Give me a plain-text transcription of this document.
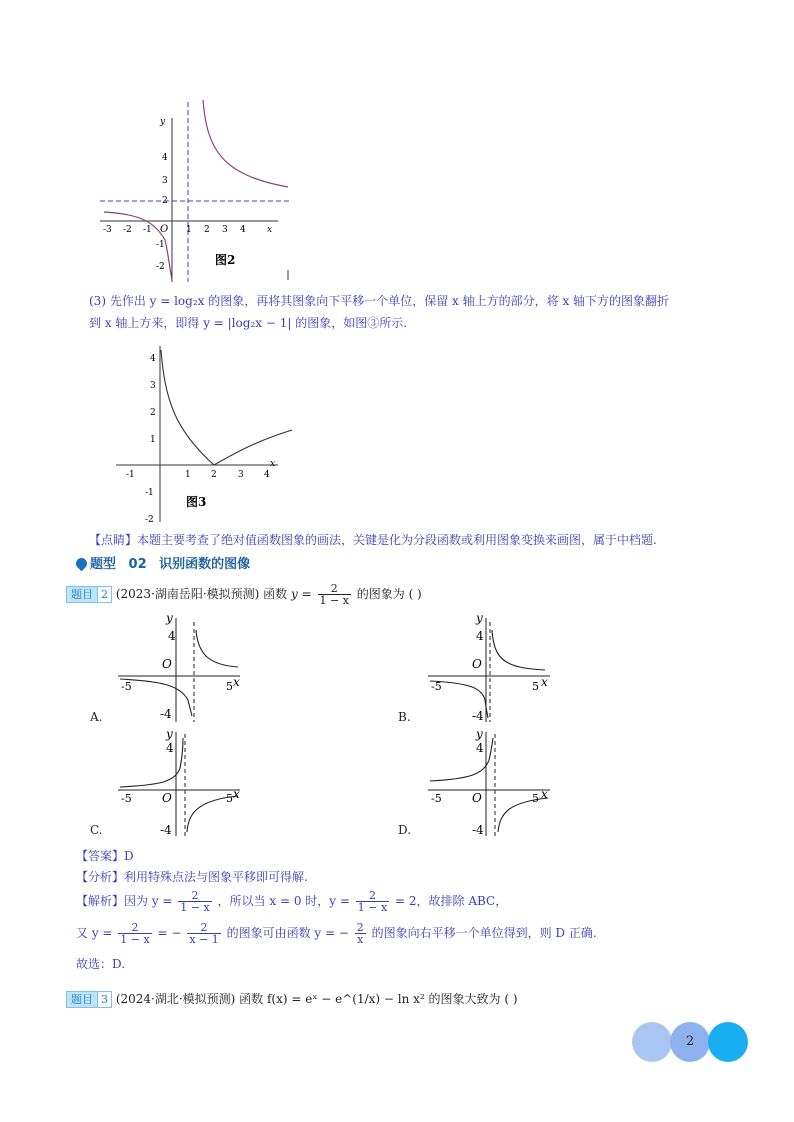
-3 -2 -1	1 2 3 4
4
3
2
-1
-2
y
x
O
图2
(3) 先作出 y = log₂x 的图象，再将其图象向下平移一个单位，保留 x 轴上方的部分，将 x 轴下方的图象翻折
到 x 轴上方来，即得 y = |log₂x − 1| 的图象，如图③所示.
-1	1 2 3 4
4
3
2
1
-1
-2
x
图3
【点睛】本题主要考查了绝对值函数图象的画法，关键是化为分段函数或利用图象变换来画图，属于中档题.
题型 02 识别函数的图像
题目 2 (2023·湖南岳阳·模拟预测) 函数 $y = \frac{2}{1 - x}$ 的图象为 ( )
y
4
O
-5	5 x
-4
A.
y
4
O
-5	5 x
-4
B.
y
4
O
-5	5 x
-4
C.
y
4
O
-5	5 x
-4
D.
【答案】D
【分析】利用特殊点法与图象平移即可得解.
【解析】因为 $y = \frac{2}{1 - x}$ ，所以当 x = 0 时，$y = \frac{2}{1 - x} = 2$，故排除 ABC，
又 $y = \frac{2}{1 - x}$ = − $\frac{2}{x - 1}$ 的图象可由函数 y = − $\frac{2}{x}$ 的图象向右平移一个单位得到，则 D 正确.
故选：D.
题目 3 (2024·湖北·模拟预测) 函数 f(x) = eˣ − e^(1/x) − ln x² 的图象大致为 ( )
2
